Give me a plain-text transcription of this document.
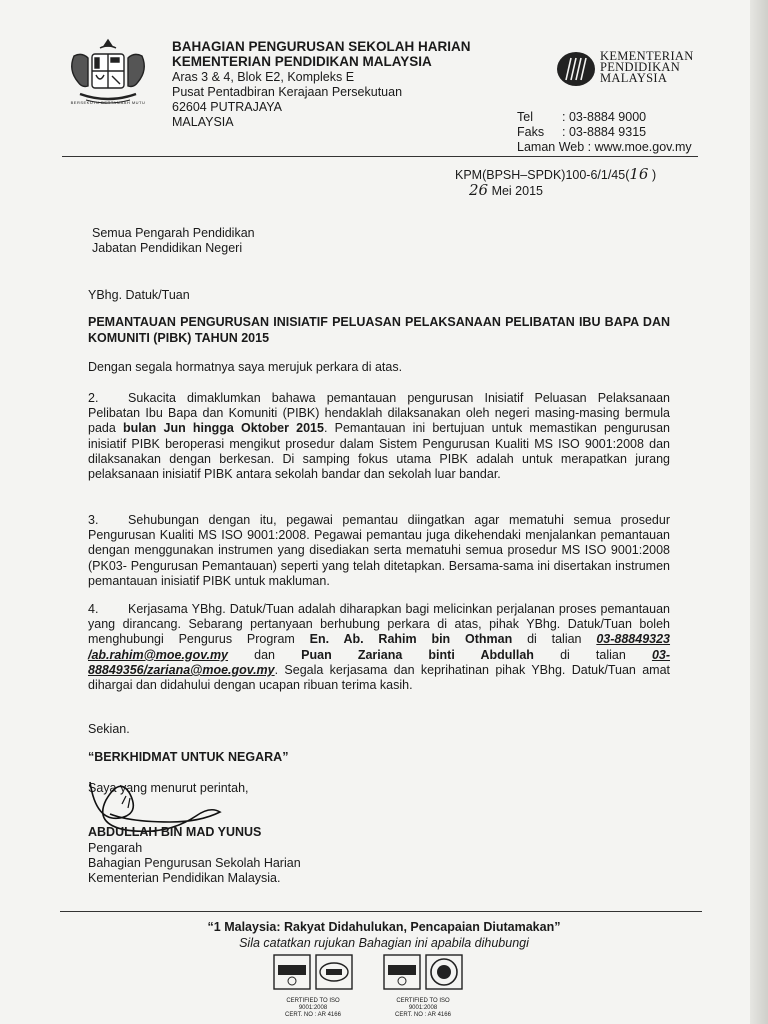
BERSEKUTU BERTAMBAH MUTU
BAHAGIAN PENGURUSAN SEKOLAH HARIAN
KEMENTERIAN PENDIDIKAN MALAYSIA
Aras 3 & 4, Blok E2, Kompleks E
Pusat Pentadbiran Kerajaan Persekutuan
62604 PUTRAJAYA
MALAYSIA
KEMENTERIAN
PENDIDIKAN
MALAYSIA
Tel : 03-8884 9000
Faks : 03-8884 9315
Laman Web : www.moe.gov.my
KPM(BPSH–SPDK)100-6/1/45(16 )
26 Mei 2015
Semua Pengarah Pendidikan
Jabatan Pendidikan Negeri
YBhg. Datuk/Tuan
PEMANTAUAN PENGURUSAN INISIATIF PELUASAN PELAKSANAAN PELIBATAN IBU BAPA DAN KOMUNITI (PIBK) TAHUN 2015
Dengan segala hormatnya saya merujuk perkara di atas.
2. Sukacita dimaklumkan bahawa pemantauan pengurusan Inisiatif Peluasan Pelaksanaan Pelibatan Ibu Bapa dan Komuniti (PIBK) hendaklah dilaksanakan oleh negeri masing-masing bermula pada bulan Jun hingga Oktober 2015. Pemantauan ini bertujuan untuk memastikan pengurusan inisiatif PIBK beroperasi mengikut prosedur dalam Sistem Pengurusan Kualiti MS ISO 9001:2008 dan dilaksanakan dengan berkesan. Di samping fokus utama PIBK adalah untuk merapatkan jurang pelaksanaan inisiatif PIBK antara sekolah bandar dan sekolah luar bandar.
3. Sehubungan dengan itu, pegawai pemantau diingatkan agar mematuhi semua prosedur Pengurusan Kualiti MS ISO 9001:2008. Pegawai pemantau juga dikehendaki menjalankan pemantauan dengan menggunakan instrumen yang disediakan serta mematuhi semua prosedur MS ISO 9001:2008 (PK03- Pengurusan Pemantauan) seperti yang telah ditetapkan. Bersama-sama ini disertakan instrumen pemantauan inisiatif PIBK untuk makluman.
4. Kerjasama YBhg. Datuk/Tuan adalah diharapkan bagi melicinkan perjalanan proses pemantauan yang dirancang. Sebarang pertanyaan berhubung perkara di atas, pihak YBhg. Datuk/Tuan boleh menghubungi Pengurus Program En. Ab. Rahim bin Othman di talian 03-88849323 /ab.rahim@moe.gov.my dan Puan Zariana binti Abdullah di talian 03-88849356/zariana@moe.gov.my. Segala kerjasama dan keprihatinan pihak YBhg. Datuk/Tuan amat dihargai dan didahului dengan ucapan ribuan terima kasih.
Sekian.
“BERKHIDMAT UNTUK NEGARA”
Saya yang menurut perintah,
ABDULLAH BIN MAD YUNUS
Pengarah
Bahagian Pengurusan Sekolah Harian
Kementerian Pendidikan Malaysia.
“1 Malaysia: Rakyat Didahulukan, Pencapaian Diutamakan”
Sila catatkan rujukan Bahagian ini apabila dihubungi
CERTIFIED TO ISO 9001:2008
CERT. NO : AR 4166
CERTIFIED TO ISO 9001:2008
CERT. NO : AR 4166
